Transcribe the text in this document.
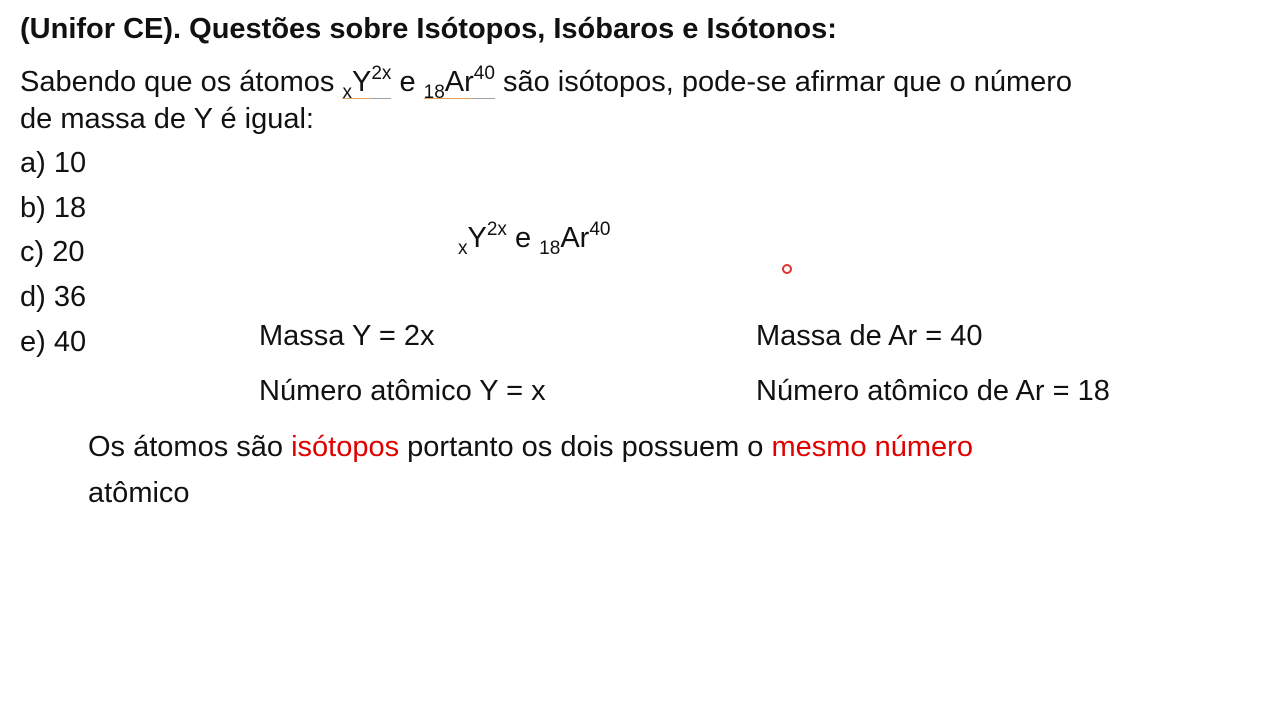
(Unifor CE). Questões sobre Isótopos, Isóbaros e Isótonos:
Sabendo que os átomos $_xY^{2x}$ e $_{18}Ar^{40}$ são isótopos, pode-se afirmar que o número
de massa de Y é igual:
a) 10
b) 18
c) 20
d) 36
e) 40
$_xY^{2x}$ e $_{18}Ar^{40}$
Massa Y = 2x
Número atômico Y = x
Massa de Ar = 40
Número atômico de Ar = 18
Os átomos são isótopos portanto os dois possuem o mesmo número
atômico
